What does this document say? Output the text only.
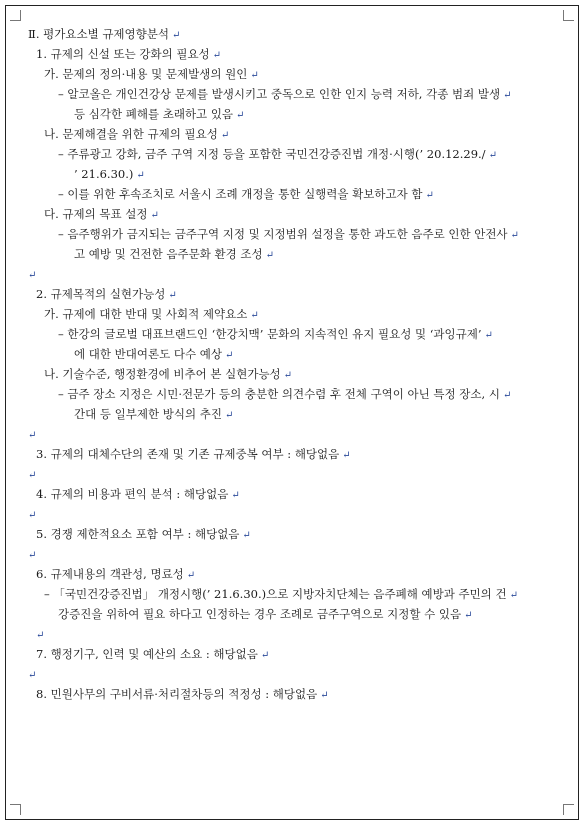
Ⅱ. 평가요소별 규제영향분석 ↵
1. 규제의 신설 또는 강화의 필요성 ↵
가. 문제의 정의·내용 및 문제발생의 원인 ↵
– 알코올은 개인건강상 문제를 발생시키고 중독으로 인한 인지 능력 저하, 각종 범죄 발생 ↵
등 심각한 폐해를 초래하고 있음 ↵
나. 문제해결을 위한 규제의 필요성 ↵
– 주류광고 강화, 금주 구역 지정 등을 포함한 국민건강증진법 개정·시행(’ 20.12.29./ ↵
’ 21.6.30.) ↵
– 이를 위한 후속조치로 서울시 조례 개정을 통한 실행력을 확보하고자 함 ↵
다. 규제의 목표 설정 ↵
– 음주행위가 금지되는 금주구역 지정 및 지정범위 설정을 통한 과도한 음주로 인한 안전사 ↵
고 예방 및 건전한 음주문화 환경 조성 ↵
↵
2. 규제목적의 실현가능성 ↵
가. 규제에 대한 반대 및 사회적 제약요소 ↵
– 한강의 글로벌 대표브랜드인 ‘한강치맥’ 문화의 지속적인 유지 필요성 및 ‘과잉규제’ ↵
에 대한 반대여론도 다수 예상 ↵
나. 기술수준, 행정환경에 비추어 본 실현가능성 ↵
– 금주 장소 지정은 시민·전문가 등의 충분한 의견수렴 후 전체 구역이 아닌 특정 장소, 시 ↵
간대 등 일부제한 방식의 추진 ↵
↵
3. 규제의 대체수단의 존재 및 기존 규제중복 여부 : 해당없음 ↵
↵
4. 규제의 비용과 편익 분석 : 해당없음 ↵
↵
5. 경쟁 제한적요소 포함 여부 : 해당없음 ↵
↵
6. 규제내용의 객관성, 명료성 ↵
– 「국민건강증진법」 개정시행(’ 21.6.30.)으로 지방자치단체는 음주폐해 예방과 주민의 건 ↵
강증진을 위하여 필요 하다고 인정하는 경우 조례로 금주구역으로 지정할 수 있음 ↵
↵
7. 행정기구, 인력 및 예산의 소요 : 해당없음 ↵
↵
8. 민원사무의 구비서류·처리절차등의 적정성 : 해당없음 ↵
